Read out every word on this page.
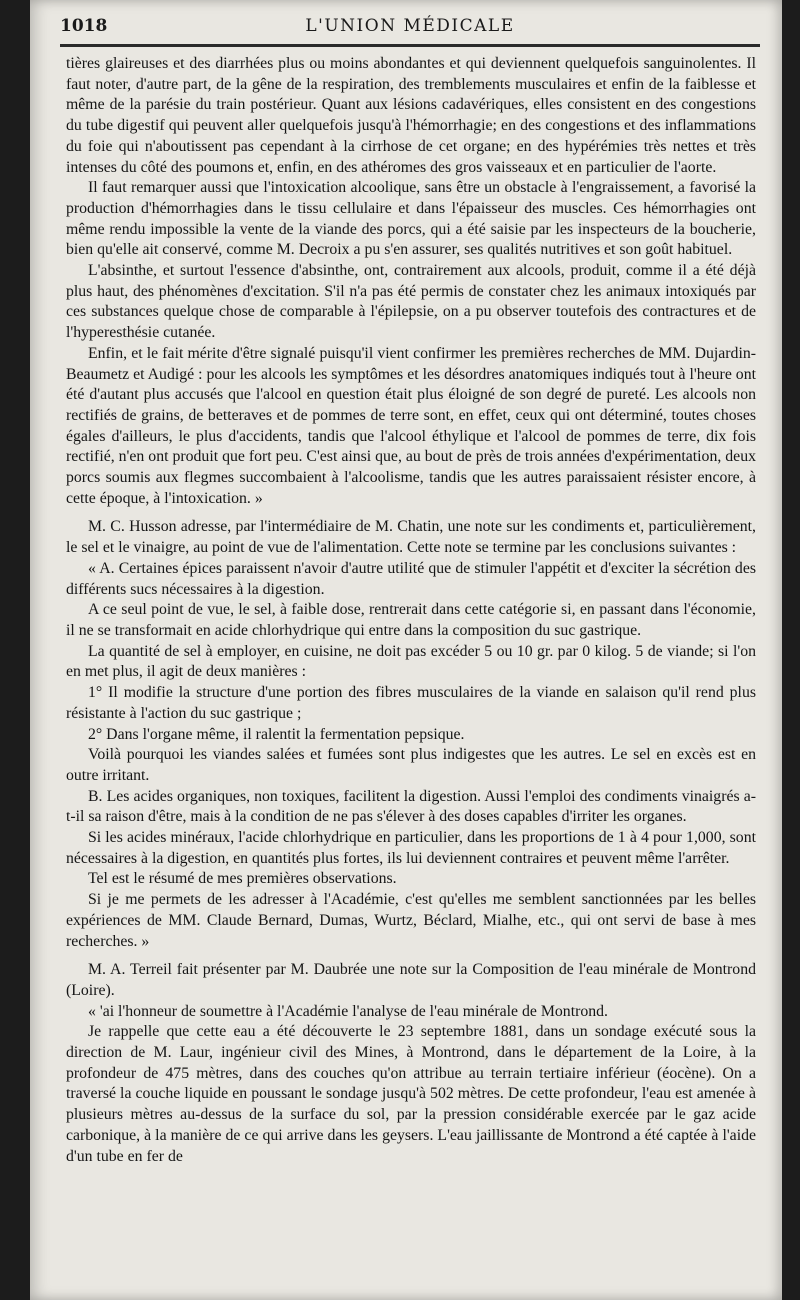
1018	L'UNION MÉDICALE

tières glaireuses et des diarrhées plus ou moins abondantes et qui deviennent quelquefois sanguinolentes. Il faut noter, d'autre part, de la gêne de la respiration, des tremblements musculaires et enfin de la faiblesse et même de la parésie du train postérieur. Quant aux lésions cadavériques, elles consistent en des congestions du tube digestif qui peuvent aller quelquefois jusqu'à l'hémorrhagie; en des congestions et des inflammations du foie qui n'aboutissent pas cependant à la cirrhose de cet organe; en des hypérémies très nettes et très intenses du côté des poumons et, enfin, en des athéromes des gros vaisseaux et en particulier de l'aorte.

Il faut remarquer aussi que l'intoxication alcoolique, sans être un obstacle à l'engraissement, a favorisé la production d'hémorrhagies dans le tissu cellulaire et dans l'épaisseur des muscles. Ces hémorrhagies ont même rendu impossible la vente de la viande des porcs, qui a été saisie par les inspecteurs de la boucherie, bien qu'elle ait conservé, comme M. Decroix a pu s'en assurer, ses qualités nutritives et son goût habituel.

L'absinthe, et surtout l'essence d'absinthe, ont, contrairement aux alcools, produit, comme il a été déjà plus haut, des phénomènes d'excitation. S'il n'a pas été permis de constater chez les animaux intoxiqués par ces substances quelque chose de comparable à l'épilepsie, on a pu observer toutefois des contractures et de l'hyperesthésie cutanée.

Enfin, et le fait mérite d'être signalé puisqu'il vient confirmer les premières recherches de MM. Dujardin-Beaumetz et Audigé : pour les alcools les symptômes et les désordres anatomiques indiqués tout à l'heure ont été d'autant plus accusés que l'alcool en question était plus éloigné de son degré de pureté. Les alcools non rectifiés de grains, de betteraves et de pommes de terre sont, en effet, ceux qui ont déterminé, toutes choses égales d'ailleurs, le plus d'accidents, tandis que l'alcool éthylique et l'alcool de pommes de terre, dix fois rectifié, n'en ont produit que fort peu. C'est ainsi que, au bout de près de trois années d'expérimentation, deux porcs soumis aux flegmes succombaient à l'alcoolisme, tandis que les autres paraissaient résister encore, à cette époque, à l'intoxication. »

M. C. Husson adresse, par l'intermédiaire de M. Chatin, une note sur les condiments et, particulièrement, le sel et le vinaigre, au point de vue de l'alimentation. Cette note se termine par les conclusions suivantes :

« A. Certaines épices paraissent n'avoir d'autre utilité que de stimuler l'appétit et d'exciter la sécrétion des différents sucs nécessaires à la digestion.

A ce seul point de vue, le sel, à faible dose, rentrerait dans cette catégorie si, en passant dans l'économie, il ne se transformait en acide chlorhydrique qui entre dans la composition du suc gastrique.

La quantité de sel à employer, en cuisine, ne doit pas excéder 5 ou 10 gr. par 0 kilog. 5 de viande; si l'on en met plus, il agit de deux manières :

1° Il modifie la structure d'une portion des fibres musculaires de la viande en salaison qu'il rend plus résistante à l'action du suc gastrique ;

2° Dans l'organe même, il ralentit la fermentation pepsique.

Voilà pourquoi les viandes salées et fumées sont plus indigestes que les autres. Le sel en excès est en outre irritant.

B. Les acides organiques, non toxiques, facilitent la digestion. Aussi l'emploi des condiments vinaigrés a-t-il sa raison d'être, mais à la condition de ne pas s'élever à des doses capables d'irriter les organes.

Si les acides minéraux, l'acide chlorhydrique en particulier, dans les proportions de 1 à 4 pour 1,000, sont nécessaires à la digestion, en quantités plus fortes, ils lui deviennent contraires et peuvent même l'arrêter.

Tel est le résumé de mes premières observations.

Si je me permets de les adresser à l'Académie, c'est qu'elles me semblent sanctionnées par les belles expériences de MM. Claude Bernard, Dumas, Wurtz, Béclard, Mialhe, etc., qui ont servi de base à mes recherches. »

M. A. Terreil fait présenter par M. Daubrée une note sur la Composition de l'eau minérale de Montrond (Loire).

« 'ai l'honneur de soumettre à l'Académie l'analyse de l'eau minérale de Montrond.

Je rappelle que cette eau a été découverte le 23 septembre 1881, dans un sondage exécuté sous la direction de M. Laur, ingénieur civil des Mines, à Montrond, dans le département de la Loire, à la profondeur de 475 mètres, dans des couches qu'on attribue au terrain tertiaire inférieur (éocène). On a traversé la couche liquide en poussant le sondage jusqu'à 502 mètres. De cette profondeur, l'eau est amenée à plusieurs mètres au-dessus de la surface du sol, par la pression considérable exercée par le gaz acide carbonique, à la manière de ce qui arrive dans les geysers. L'eau jaillissante de Montrond a été captée à l'aide d'un tube en fer de
